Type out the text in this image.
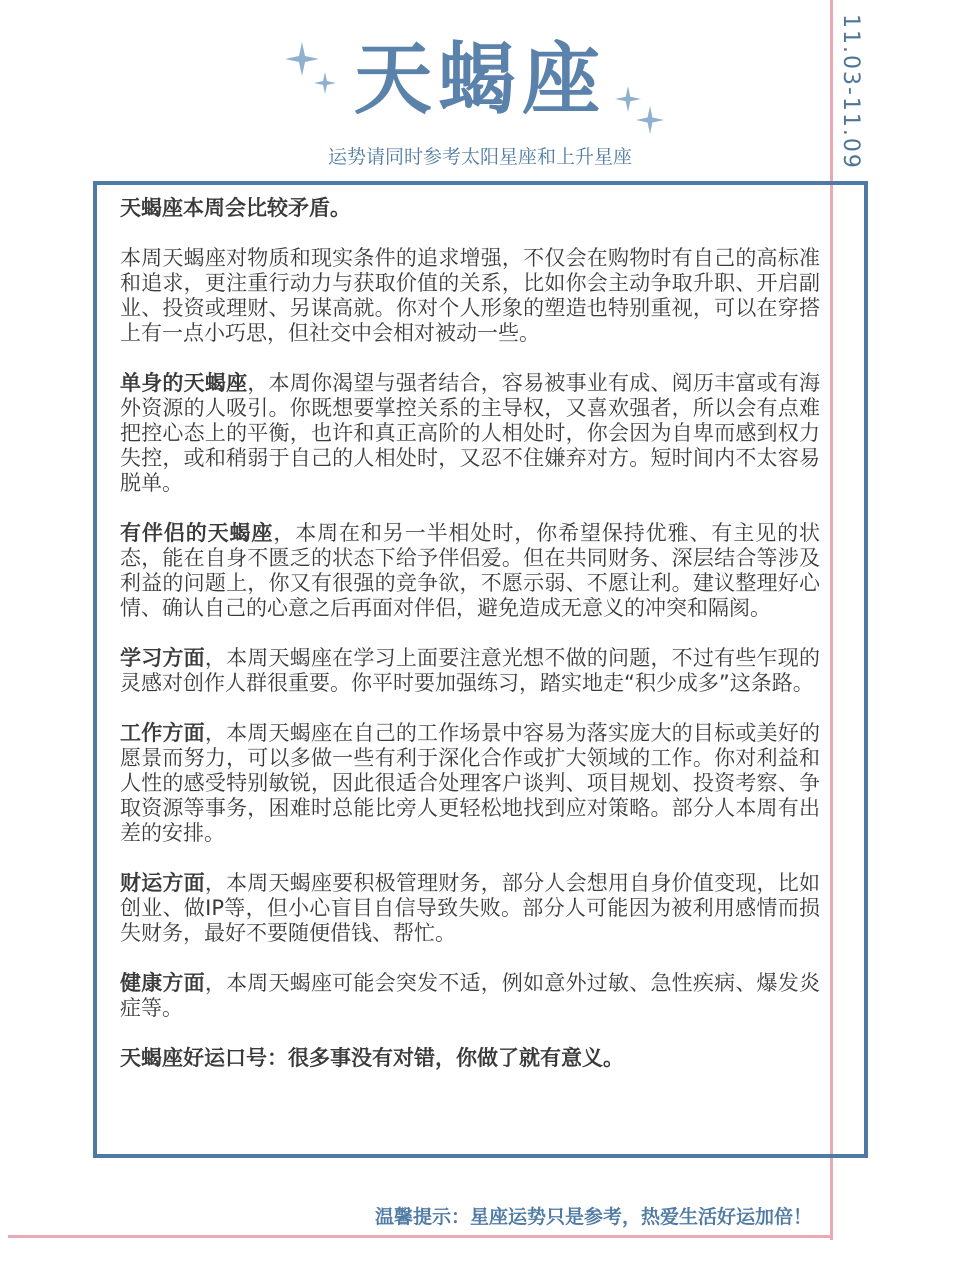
11.03-11.09
天蝎座
运势请同时参考太阳星座和上升星座

天蝎座本周会比较矛盾。

本周天蝎座对物质和现实条件的追求增强，不仅会在购物时有自己的高标准和追求，更注重行动力与获取价值的关系，比如你会主动争取升职、开启副业、投资或理财、另谋高就。你对个人形象的塑造也特别重视，可以在穿搭上有一点小巧思，但社交中会相对被动一些。

单身的天蝎座，本周你渴望与强者结合，容易被事业有成、阅历丰富或有海外资源的人吸引。你既想要掌控关系的主导权，又喜欢强者，所以会有点难把控心态上的平衡，也许和真正高阶的人相处时，你会因为自卑而感到权力失控，或和稍弱于自己的人相处时，又忍不住嫌弃对方。短时间内不太容易脱单。

有伴侣的天蝎座，本周在和另一半相处时，你希望保持优雅、有主见的状态，能在自身不匮乏的状态下给予伴侣爱。但在共同财务、深层结合等涉及利益的问题上，你又有很强的竞争欲，不愿示弱、不愿让利。建议整理好心情、确认自己的心意之后再面对伴侣，避免造成无意义的冲突和隔阂。

学习方面，本周天蝎座在学习上面要注意光想不做的问题，不过有些乍现的灵感对创作人群很重要。你平时要加强练习，踏实地走“积少成多”这条路。

工作方面，本周天蝎座在自己的工作场景中容易为落实庞大的目标或美好的愿景而努力，可以多做一些有利于深化合作或扩大领域的工作。你对利益和人性的感受特别敏锐，因此很适合处理客户谈判、项目规划、投资考察、争取资源等事务，困难时总能比旁人更轻松地找到应对策略。部分人本周有出差的安排。

财运方面，本周天蝎座要积极管理财务，部分人会想用自身价值变现，比如创业、做IP等，但小心盲目自信导致失败。部分人可能因为被利用感情而损失财务，最好不要随便借钱、帮忙。

健康方面，本周天蝎座可能会突发不适，例如意外过敏、急性疾病、爆发炎症等。

天蝎座好运口号：很多事没有对错，你做了就有意义。

温馨提示：星座运势只是参考，热爱生活好运加倍！
